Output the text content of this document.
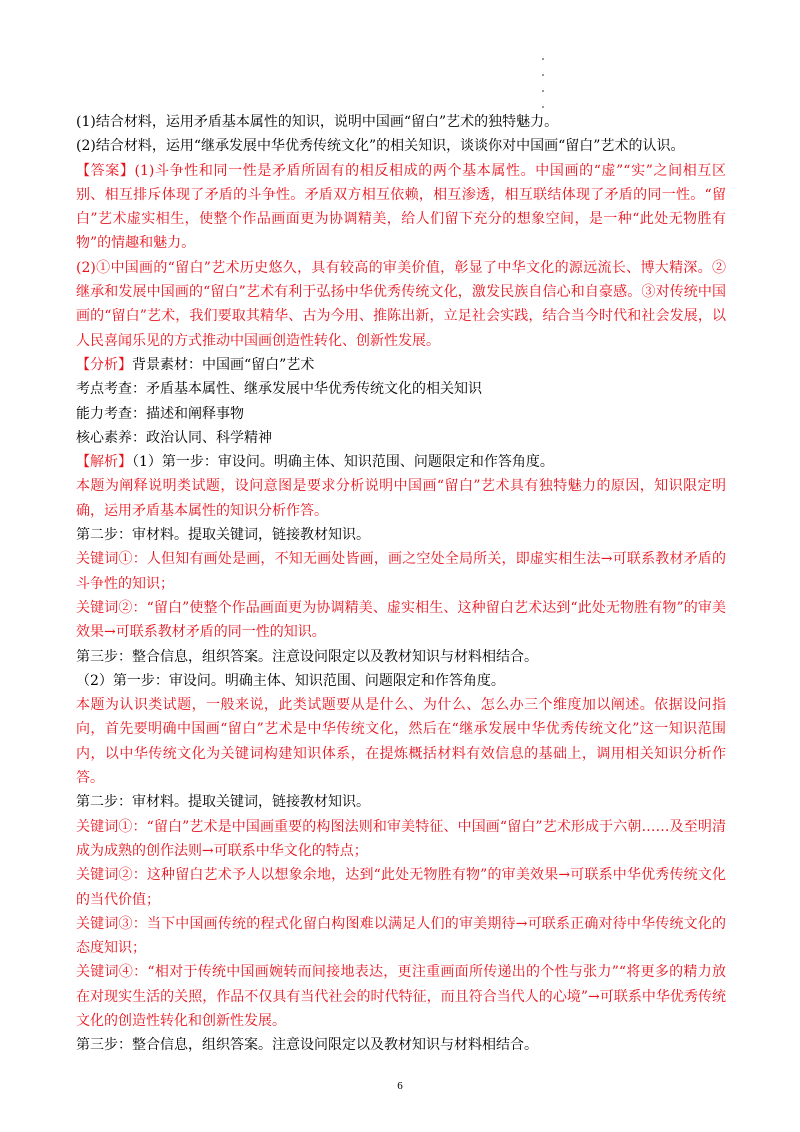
(1)结合材料，运用矛盾基本属性的知识，说明中国画“留白”艺术的独特魅力。

(2)结合材料，运用“继承发展中华优秀传统文化”的相关知识，谈谈你对中国画“留白”艺术的认识。

【答案】(1)斗争性和同一性是矛盾所固有的相反相成的两个基本属性。中国画的“虚”“实”之间相互区别、相互排斥体现了矛盾的斗争性。矛盾双方相互依赖，相互渗透，相互联结体现了矛盾的同一性。“留白”艺术虚实相生，使整个作品画面更为协调精美，给人们留下充分的想象空间，是一种“此处无物胜有物”的情趣和魅力。

(2)①中国画的“留白”艺术历史悠久，具有较高的审美价值，彰显了中华文化的源远流长、博大精深。②继承和发展中国画的“留白”艺术有利于弘扬中华优秀传统文化，激发民族自信心和自豪感。③对传统中国画的“留白”艺术，我们要取其精华、古为今用、推陈出新，立足社会实践，结合当今时代和社会发展，以人民喜闻乐见的方式推动中国画创造性转化、创新性发展。

【分析】背景素材：中国画“留白”艺术

考点考查：矛盾基本属性、继承发展中华优秀传统文化的相关知识

能力考查：描述和阐释事物

核心素养：政治认同、科学精神

【解析】（1）第一步：审设问。明确主体、知识范围、问题限定和作答角度。

本题为阐释说明类试题，设问意图是要求分析说明中国画“留白”艺术具有独特魅力的原因，知识限定明确，运用矛盾基本属性的知识分析作答。

第二步：审材料。提取关键词，链接教材知识。

关键词①：人但知有画处是画，不知无画处皆画，画之空处全局所关，即虚实相生法→可联系教材矛盾的斗争性的知识；

关键词②：“留白”使整个作品画面更为协调精美、虚实相生、这种留白艺术达到“此处无物胜有物”的审美效果→可联系教材矛盾的同一性的知识。

第三步：整合信息，组织答案。注意设问限定以及教材知识与材料相结合。

（2）第一步：审设问。明确主体、知识范围、问题限定和作答角度。

本题为认识类试题，一般来说，此类试题要从是什么、为什么、怎么办三个维度加以阐述。依据设问指向，首先要明确中国画“留白”艺术是中华传统文化，然后在“继承发展中华优秀传统文化”这一知识范围内，以中华传统文化为关键词构建知识体系，在提炼概括材料有效信息的基础上，调用相关知识分析作答。

第二步：审材料。提取关键词，链接教材知识。

关键词①：“留白”艺术是中国画重要的构图法则和审美特征、中国画“留白”艺术形成于六朝……及至明清成为成熟的创作法则→可联系中华文化的特点；

关键词②：这种留白艺术予人以想象余地，达到“此处无物胜有物”的审美效果→可联系中华优秀传统文化的当代价值；

关键词③：当下中国画传统的程式化留白构图难以满足人们的审美期待→可联系正确对待中华传统文化的态度知识；

关键词④：“相对于传统中国画婉转而间接地表达，更注重画面所传递出的个性与张力”“将更多的精力放在对现实生活的关照，作品不仅具有当代社会的时代特征，而且符合当代人的心境”→可联系中华优秀传统文化的创造性转化和创新性发展。

第三步：整合信息，组织答案。注意设问限定以及教材知识与材料相结合。

6
